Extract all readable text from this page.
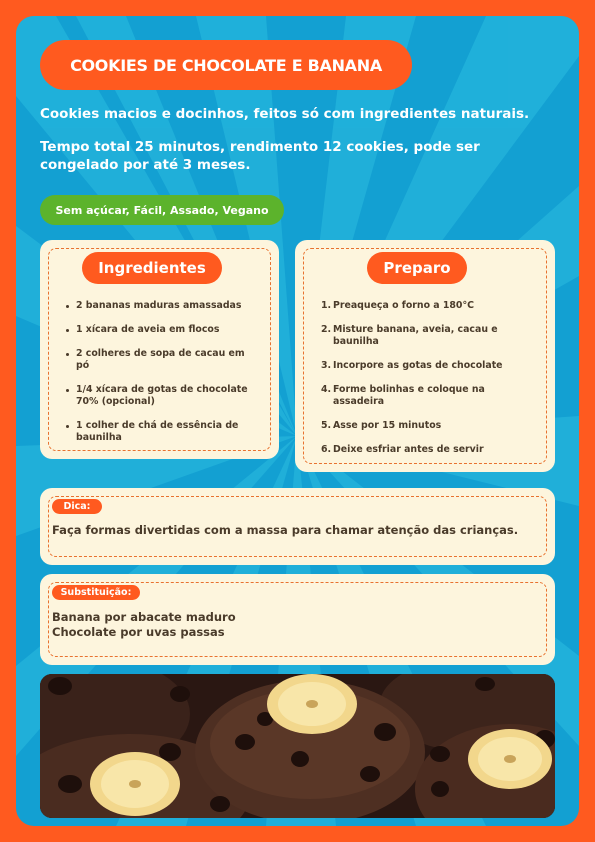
COOKIES DE CHOCOLATE E BANANA

Cookies macios e docinhos, feitos só com ingredientes naturais.

Tempo total 25 minutos, rendimento 12 cookies, pode ser congelado por até 3 meses.

Sem açúcar, Fácil, Assado, Vegano
Ingredientes
2 bananas maduras amassadas
1 xícara de aveia em flocos
2 colheres de sopa de cacau em pó
1/4 xícara de gotas de chocolate 70% (opcional)
1 colher de chá de essência de baunilha
Preparo
1. Preaqueça o forno a 180°C
2. Misture banana, aveia, cacau e baunilha
3. Incorpore as gotas de chocolate
4. Forme bolinhas e coloque na assadeira
5. Asse por 15 minutos
6. Deixe esfriar antes de servir
Dica:
Faça formas divertidas com a massa para chamar atenção das crianças.
Substituição:
Banana por abacate maduro
Chocolate por uvas passas
